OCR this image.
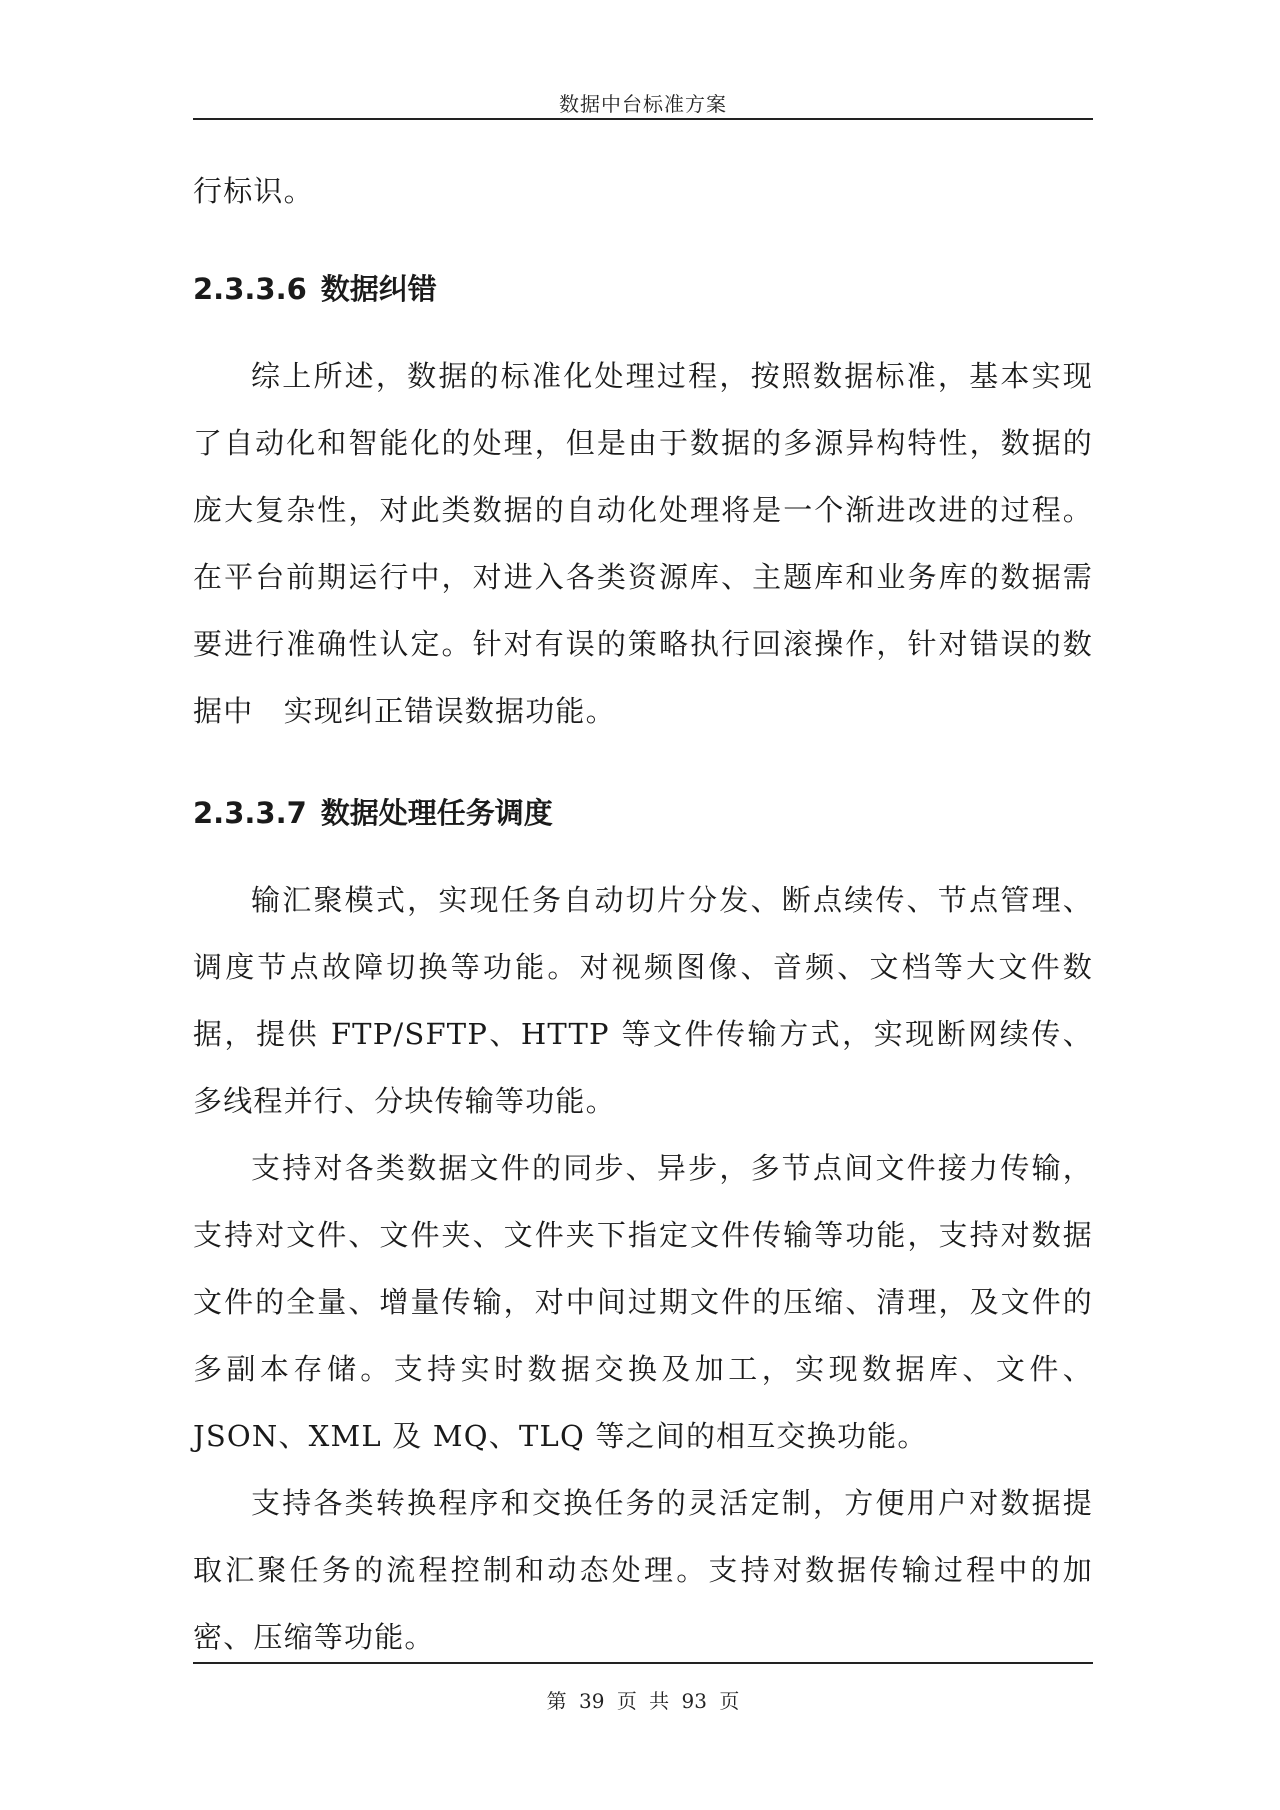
数据中台标准方案
行标识。
2.3.3.6 数据纠错

综上所述，数据的标准化处理过程，按照数据标准，基本实现了自动化和智能化的处理，但是由于数据的多源异构特性，数据的庞大复杂性，对此类数据的自动化处理将是一个渐进改进的过程。在平台前期运行中，对进入各类资源库、主题库和业务库的数据需要进行准确性认定。针对有误的策略执行回滚操作，针对错误的数据中　实现纠正错误数据功能。

2.3.3.7 数据处理任务调度

输汇聚模式，实现任务自动切片分发、断点续传、节点管理、调度节点故障切换等功能。对视频图像、音频、文档等大文件数据，提供 FTP/SFTP、HTTP 等文件传输方式，实现断网续传、多线程并行、分块传输等功能。

支持对各类数据文件的同步、异步，多节点间文件接力传输，支持对文件、文件夹、文件夹下指定文件传输等功能，支持对数据文件的全量、增量传输，对中间过期文件的压缩、清理，及文件的多副本存储。支持实时数据交换及加工，实现数据库、文件、JSON、XML 及 MQ、TLQ 等之间的相互交换功能。

支持各类转换程序和交换任务的灵活定制，方便用户对数据提取汇聚任务的流程控制和动态处理。支持对数据传输过程中的加密、压缩等功能。

第 39 页 共 93 页
